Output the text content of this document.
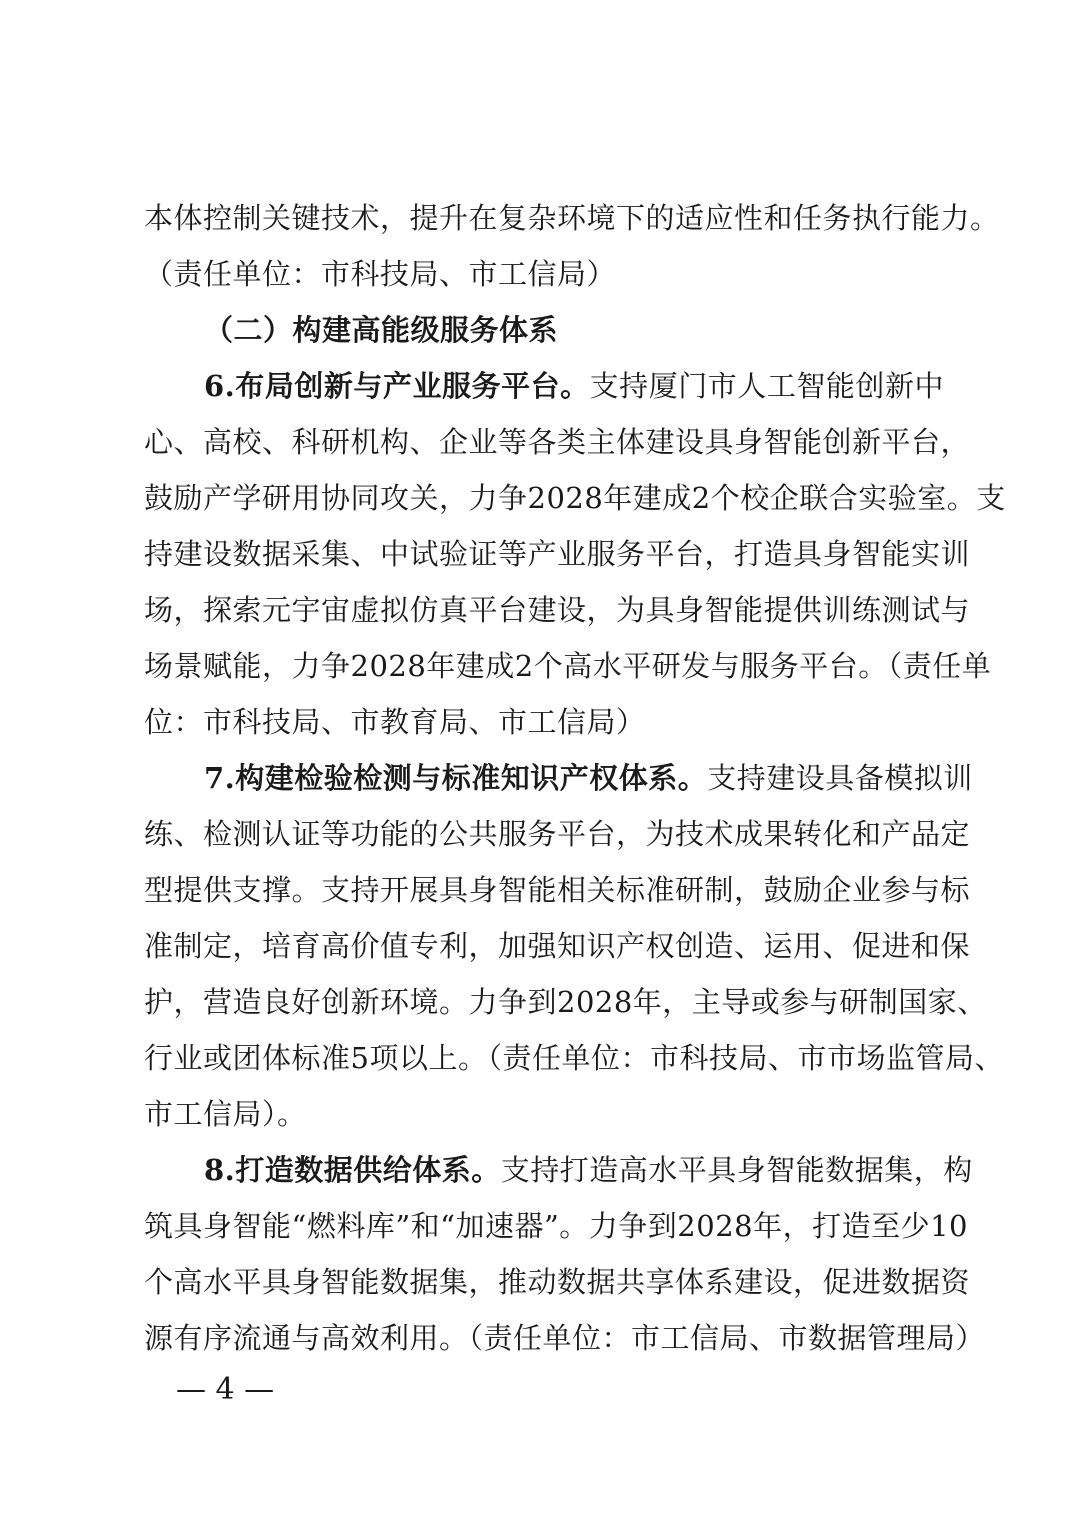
本体控制关键技术，提升在复杂环境下的适应性和任务执行能力。
（责任单位：市科技局、市工信局）
（二）构建高能级服务体系
6.布局创新与产业服务平台。支持厦门市人工智能创新中
心、高校、科研机构、企业等各类主体建设具身智能创新平台，
鼓励产学研用协同攻关，力争2028年建成2个校企联合实验室。支
持建设数据采集、中试验证等产业服务平台，打造具身智能实训
场，探索元宇宙虚拟仿真平台建设，为具身智能提供训练测试与
场景赋能，力争2028年建成2个高水平研发与服务平台。（责任单
位：市科技局、市教育局、市工信局）
7.构建检验检测与标准知识产权体系。支持建设具备模拟训
练、检测认证等功能的公共服务平台，为技术成果转化和产品定
型提供支撑。支持开展具身智能相关标准研制，鼓励企业参与标
准制定，培育高价值专利，加强知识产权创造、运用、促进和保
护，营造良好创新环境。力争到2028年，主导或参与研制国家、
行业或团体标准5项以上。（责任单位：市科技局、市市场监管局、
市工信局）。
8.打造数据供给体系。支持打造高水平具身智能数据集，构
筑具身智能“燃料库”和“加速器”。力争到2028年，打造至少10
个高水平具身智能数据集，推动数据共享体系建设，促进数据资
源有序流通与高效利用。（责任单位：市工信局、市数据管理局）
— 4 —
